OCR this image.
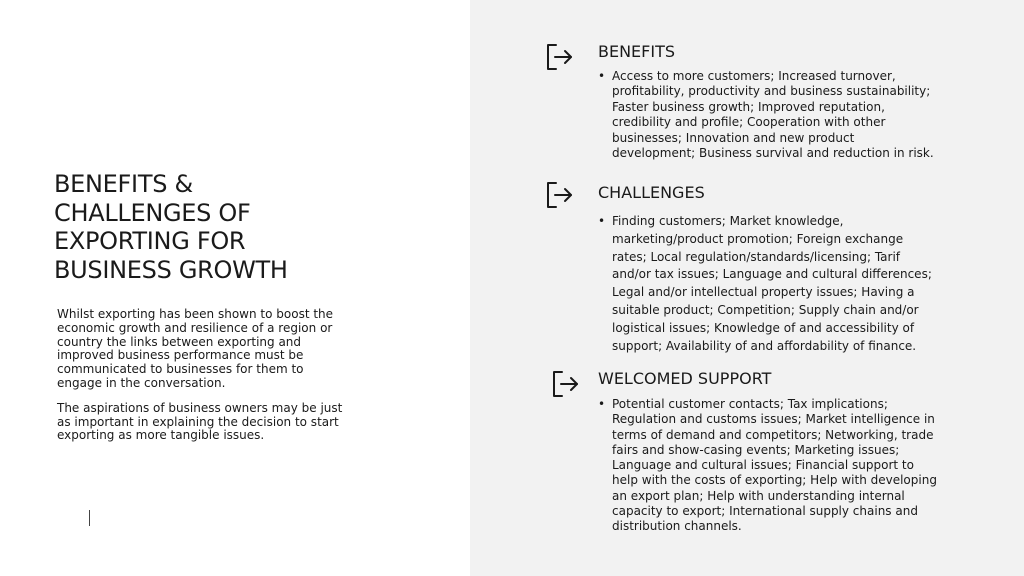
BENEFITS & CHALLENGES OF EXPORTING FOR BUSINESS GROWTH

Whilst exporting has been shown to boost the economic growth and resilience of a region or country the links between exporting and improved business performance must be communicated to businesses for them to engage in the conversation.

The aspirations of business owners may be just as important in explaining the decision to start exporting as more tangible issues.

BENEFITS
• Access to more customers; Increased turnover, profitability, productivity and business sustainability; Faster business growth; Improved reputation, credibility and profile; Cooperation with other businesses; Innovation and new product development; Business survival and reduction in risk.
CHALLENGES
• Finding customers; Market knowledge, marketing/product promotion; Foreign exchange rates; Local regulation/standards/licensing; Tarif and/or tax issues; Language and cultural differences; Legal and/or intellectual property issues; Having a suitable product; Competition; Supply chain and/or logistical issues; Knowledge of and accessibility of support; Availability of and affordability of finance.
WELCOMED SUPPORT
• Potential customer contacts; Tax implications; Regulation and customs issues; Market intelligence in terms of demand and competitors; Networking, trade fairs and show-casing events; Marketing issues; Language and cultural issues; Financial support to help with the costs of exporting; Help with developing an export plan; Help with understanding internal capacity to export; International supply chains and distribution channels.
